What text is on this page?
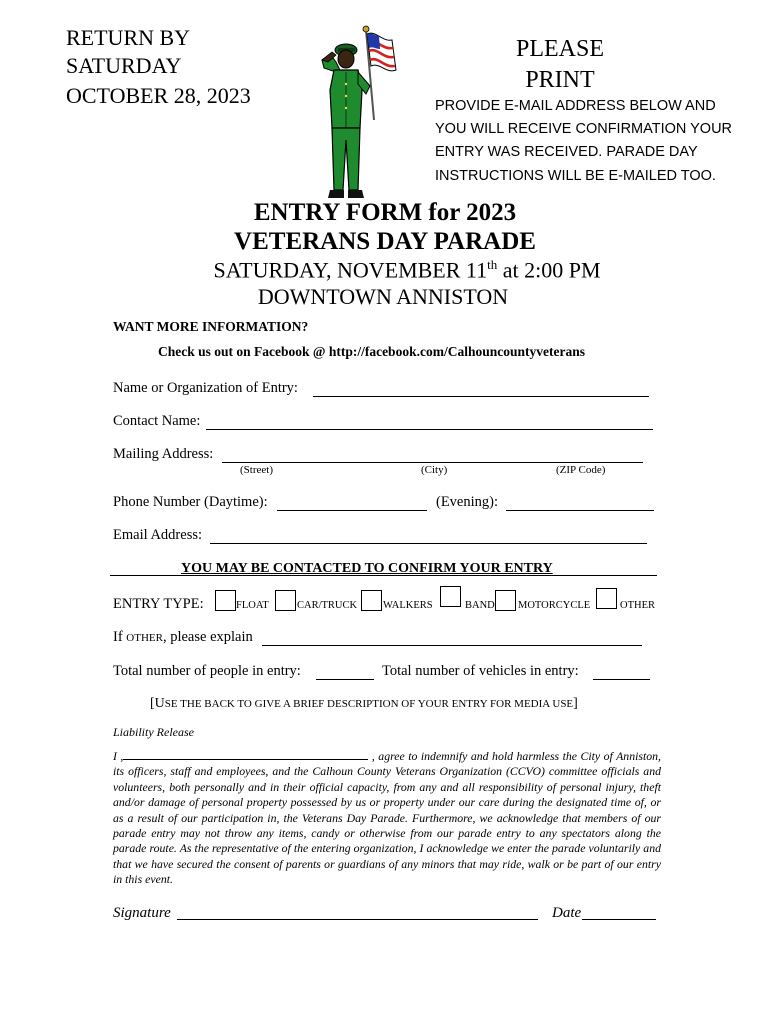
RETURN BY
SATURDAY
OCTOBER 28, 2023
PLEASE
PRINT
PROVIDE E-MAIL ADDRESS BELOW AND
YOU WILL RECEIVE CONFIRMATION YOUR
ENTRY WAS RECEIVED. PARADE DAY
INSTRUCTIONS WILL BE E-MAILED TOO.
ENTRY FORM for 2023
VETERANS DAY PARADE
SATURDAY, NOVEMBER 11th at 2:00 PM
DOWNTOWN ANNISTON
WANT MORE INFORMATION?
Check us out on Facebook @ http://facebook.com/Calhouncountyveterans
Name or Organization of Entry:
Contact Name:
Mailing Address:
(Street)	(City)	(ZIP Code)
Phone Number (Daytime):	(Evening):
Email Address:
YOU MAY BE CONTACTED TO CONFIRM YOUR ENTRY
ENTRY TYPE:	FLOAT	CAR/TRUCK WALKERS	BAND MOTORCYCLE	OTHER
If OTHER, please explain
Total number of people in entry:	Total number of vehicles in entry:
[USE THE BACK TO GIVE A BRIEF DESCRIPTION OF YOUR ENTRY FOR MEDIA USE]
Liability Release
I ,	, agree to indemnify and hold harmless the City of Anniston, its officers, staff and employees, and the Calhoun County Veterans Organization (CCVO) committee officials and volunteers, both personally and in their official capacity, from any and all responsibility of personal injury, theft and/or damage of personal property possessed by us or property under our care during the designated time of, or as a result of our participation in, the Veterans Day Parade. Furthermore, we acknowledge that members of our parade entry may not throw any items, candy or otherwise from our parade entry to any spectators along the parade route. As the representative of the entering organization, I acknowledge we enter the parade voluntarily and that we have secured the consent of parents or guardians of any minors that may ride, walk or be part of our entry in this event.
Signature	Date
